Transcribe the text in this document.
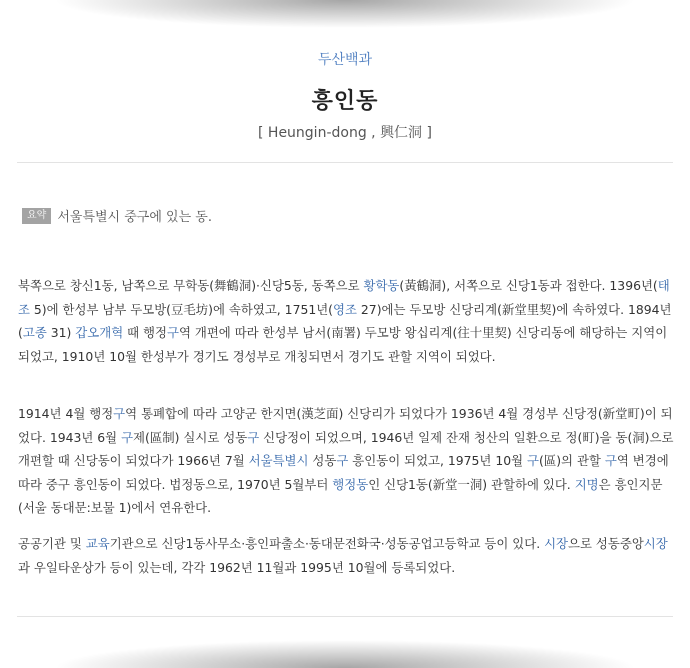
두산백과
흥인동
[ Heungin-dong , 興仁洞 ]
요약 서울특별시 중구에 있는 동.

북쪽으로 창신1동, 남쪽으로 무학동(舞鶴洞)·신당5동, 동쪽으로 황학동(黃鶴洞), 서쪽으로 신당1동과 접한다. 1396년(태조 5)에 한성부 남부 두모방(豆毛坊)에 속하였고, 1751년(영조 27)에는 두모방 신당리계(新堂里契)에 속하였다. 1894년(고종 31) 갑오개혁 때 행정구역 개편에 따라 한성부 남서(南署) 두모방 왕십리계(往十里契) 신당리동에 해당하는 지역이 되었고, 1910년 10월 한성부가 경기도 경성부로 개칭되면서 경기도 관할 지역이 되었다.

1914년 4월 행정구역 통폐합에 따라 고양군 한지면(漢芝面) 신당리가 되었다가 1936년 4월 경성부 신당정(新堂町)이 되었다. 1943년 6월 구제(區制) 실시로 성동구 신당정이 되었으며, 1946년 일제 잔재 청산의 일환으로 정(町)을 동(洞)으로 개편할 때 신당동이 되었다가 1966년 7월 서울특별시 성동구 흥인동이 되었고, 1975년 10월 구(區)의 관할 구역 변경에 따라 중구 흥인동이 되었다. 법정동으로, 1970년 5월부터 행정동인 신당1동(新堂一洞) 관할하에 있다. 지명은 흥인지문(서울 동대문:보물 1)에서 연유한다.

공공기관 및 교육기관으로 신당1동사무소·흥인파출소·동대문전화국·성동공업고등학교 등이 있다. 시장으로 성동중앙시장과 우일타운상가 등이 있는데, 각각 1962년 11월과 1995년 10월에 등록되었다.
